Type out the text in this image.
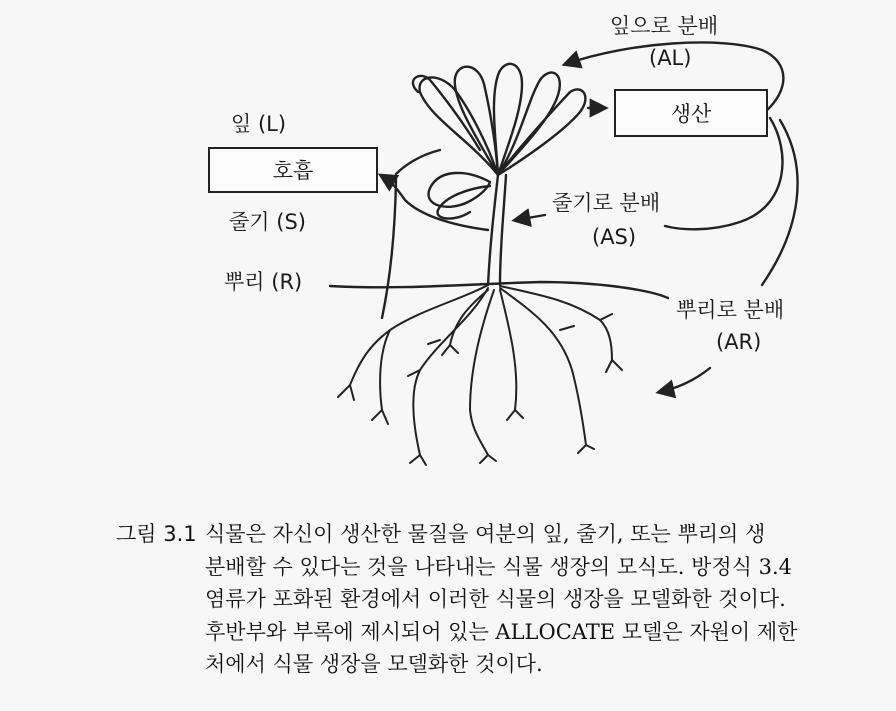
호흡
생산
잎 (L)
줄기 (S)
뿌리 (R)
잎으로 분배
(AL)
줄기로 분배
(AS)
뿌리로 분배
(AR)
그림 3.1 식물은 자신이 생산한 물질을 여분의 잎, 줄기, 또는 뿌리의 생
분배할 수 있다는 것을 나타내는 식물 생장의 모식도. 방정식 3.4
염류가 포화된 환경에서 이러한 식물의 생장을 모델화한 것이다.
후반부와 부록에 제시되어 있는 ALLOCATE 모델은 자원이 제한
처에서 식물 생장을 모델화한 것이다.
